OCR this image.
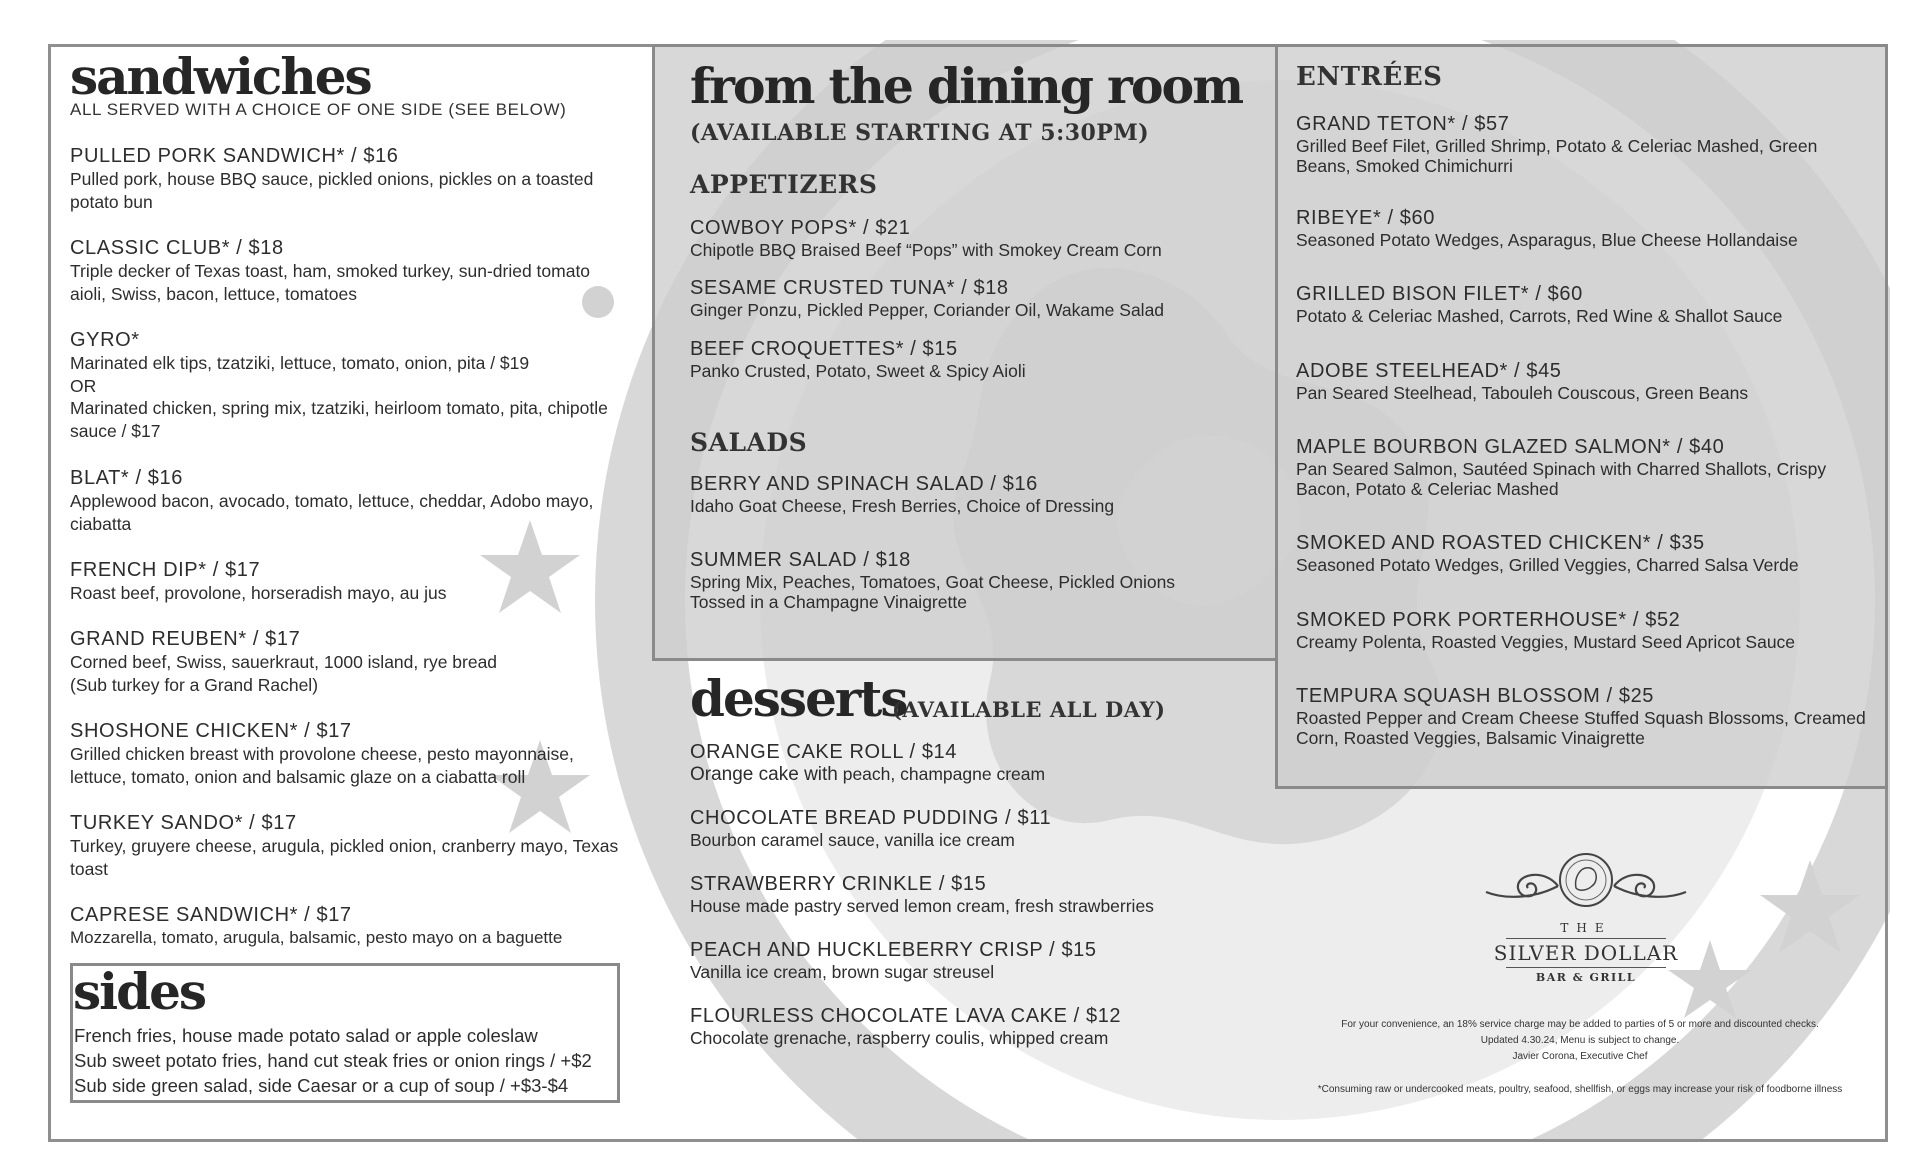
sandwiches
ALL SERVED WITH A CHOICE OF ONE SIDE (SEE BELOW)
PULLED PORK SANDWICH* / $16
Pulled pork, house BBQ sauce, pickled onions, pickles on a toasted potato bun
CLASSIC CLUB* / $18
Triple decker of Texas toast, ham, smoked turkey, sun-dried tomato aioli, Swiss, bacon, lettuce, tomatoes
GYRO*
Marinated elk tips, tzatziki, lettuce, tomato, onion, pita / $19
OR
Marinated chicken, spring mix, tzatziki, heirloom tomato, pita, chipotle sauce / $17
BLAT* / $16
Applewood bacon, avocado, tomato, lettuce, cheddar, Adobo mayo, ciabatta
FRENCH DIP* / $17
Roast beef, provolone, horseradish mayo, au jus
GRAND REUBEN* / $17
Corned beef, Swiss, sauerkraut, 1000 island, rye bread
(Sub turkey for a Grand Rachel)
SHOSHONE CHICKEN* / $17
Grilled chicken breast with provolone cheese, pesto mayonnaise, lettuce, tomato, onion and balsamic glaze on a ciabatta roll
TURKEY SANDO* / $17
Turkey, gruyere cheese, arugula, pickled onion, cranberry mayo, Texas toast
CAPRESE SANDWICH* / $17
Mozzarella, tomato, arugula, balsamic, pesto mayo on a baguette
sides
French fries, house made potato salad or apple coleslaw
Sub sweet potato fries, hand cut steak fries or onion rings / +$2
Sub side green salad, side Caesar or a cup of soup / +$3-$4
from the dining room
(AVAILABLE STARTING AT 5:30PM)
APPETIZERS
COWBOY POPS* / $21
Chipotle BBQ Braised Beef “Pops” with Smokey Cream Corn
SESAME CRUSTED TUNA* / $18
Ginger Ponzu, Pickled Pepper, Coriander Oil, Wakame Salad
BEEF CROQUETTES* / $15
Panko Crusted, Potato, Sweet & Spicy Aioli
SALADS
BERRY AND SPINACH SALAD / $16
Idaho Goat Cheese, Fresh Berries, Choice of Dressing
SUMMER SALAD / $18
Spring Mix, Peaches, Tomatoes, Goat Cheese, Pickled Onions
Tossed in a Champagne Vinaigrette
ENTRÉES
GRAND TETON* / $57
Grilled Beef Filet, Grilled Shrimp, Potato & Celeriac Mashed, Green Beans, Smoked Chimichurri
RIBEYE* / $60
Seasoned Potato Wedges, Asparagus, Blue Cheese Hollandaise
GRILLED BISON FILET* / $60
Potato & Celeriac Mashed, Carrots, Red Wine & Shallot Sauce
ADOBE STEELHEAD* / $45
Pan Seared Steelhead, Tabouleh Couscous, Green Beans
MAPLE BOURBON GLAZED SALMON* / $40
Pan Seared Salmon, Sautéed Spinach with Charred Shallots, Crispy Bacon, Potato & Celeriac Mashed
SMOKED AND ROASTED CHICKEN* / $35
Seasoned Potato Wedges, Grilled Veggies, Charred Salsa Verde
SMOKED PORK PORTERHOUSE* / $52
Creamy Polenta, Roasted Veggies, Mustard Seed Apricot Sauce
TEMPURA SQUASH BLOSSOM / $25
Roasted Pepper and Cream Cheese Stuffed Squash Blossoms, Creamed Corn, Roasted Veggies, Balsamic Vinaigrette
desserts
(AVAILABLE ALL DAY)
ORANGE CAKE ROLL / $14
Orange cake with peach, champagne cream
CHOCOLATE BREAD PUDDING / $11
Bourbon caramel sauce, vanilla ice cream
STRAWBERRY CRINKLE / $15
House made pastry served lemon cream, fresh strawberries
PEACH AND HUCKLEBERRY CRISP / $15
Vanilla ice cream, brown sugar streusel
FLOURLESS CHOCOLATE LAVA CAKE / $12
Chocolate grenache, raspberry coulis, whipped cream
THE
SILVER DOLLAR
BAR & GRILL
For your convenience, an 18% service charge may be added to parties of 5 or more and discounted checks.
Updated 4.30.24, Menu is subject to change.
Javier Corona, Executive Chef
*Consuming raw or undercooked meats, poultry, seafood, shellfish, or eggs may increase your risk of foodborne illness
